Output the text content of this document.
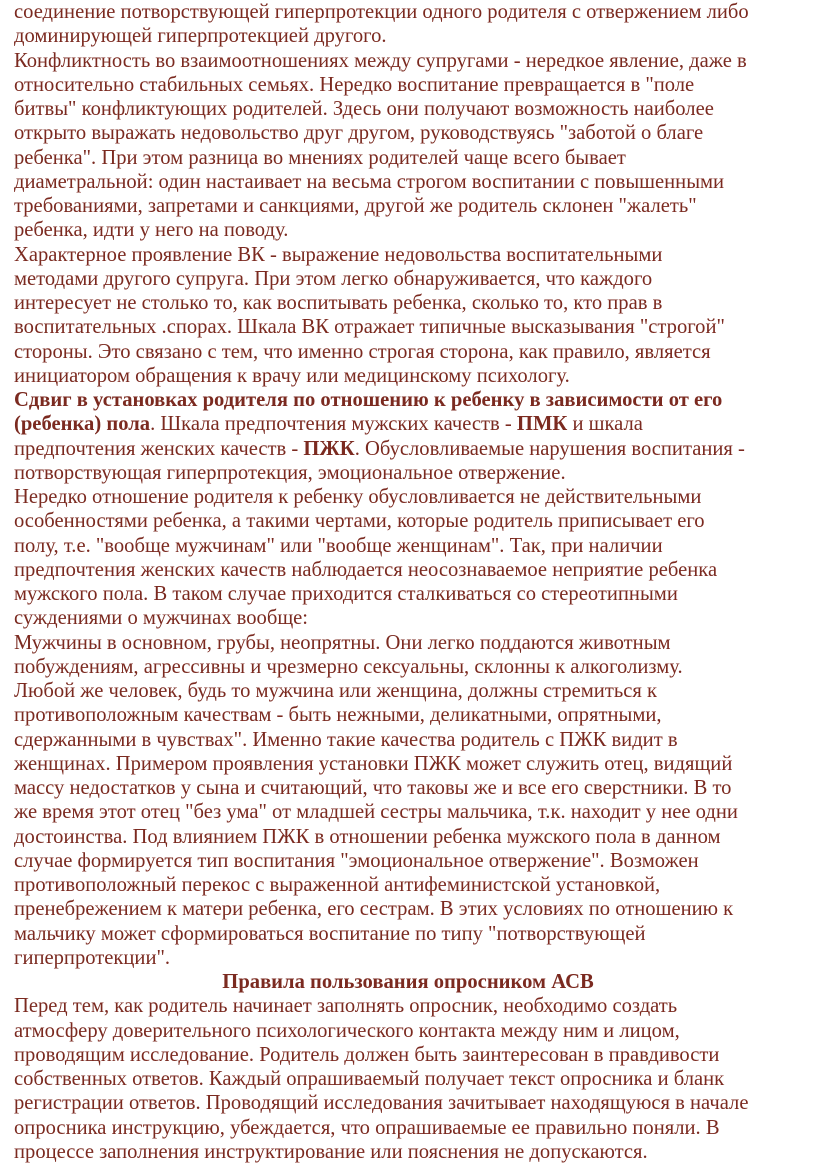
соединение потворствующей гиперпротекции одного родителя с отвержением либо
доминирующей гиперпротекцией другого.
Конфликтность во взаимоотношениях между супругами - нередкое явление, даже в
относительно стабильных семьях. Нередко воспитание превращается в "поле
битвы" конфликтующих родителей. Здесь они получают возможность наиболее
открыто выражать недовольство друг другом, руководствуясь "заботой о благе
ребенка". При этом разница во мнениях родителей чаще всего бывает
диаметральной: один настаивает на весьма строгом воспитании с повышенными
требованиями, запретами и санкциями, другой же родитель склонен "жалеть"
ребенка, идти у него на поводу.
Характерное проявление ВК - выражение недовольства воспитательными
методами другого супруга. При этом легко обнаруживается, что каждого
интересует не столько то, как воспитывать ребенка, сколько то, кто прав в
воспитательных .спорах. Шкала ВК отражает типичные высказывания "строгой"
стороны. Это связано с тем, что именно строгая сторона, как правило, является
инициатором обращения к врачу или медицинскому психологу.
Сдвиг в установках родителя по отношению к ребенку в зависимости от его
(ребенка) пола. Шкала предпочтения мужских качеств - ПМК и шкала
предпочтения женских качеств - ПЖК. Обусловливаемые нарушения воспитания -
потворствующая гиперпротекция, эмоциональное отвержение.
Нередко отношение родителя к ребенку обусловливается не действительными
особенностями ребенка, а такими чертами, которые родитель приписывает его
полу, т.е. "вообще мужчинам" или "вообще женщинам". Так, при наличии
предпочтения женских качеств наблюдается неосознаваемое неприятие ребенка
мужского пола. В таком случае приходится сталкиваться со стереотипными
суждениями о мужчинах вообще:
Мужчины в основном, грубы, неопрятны. Они легко поддаются животным
побуждениям, агрессивны и чрезмерно сексуальны, склонны к алкоголизму.
Любой же человек, будь то мужчина или женщина, должны стремиться к
противоположным качествам - быть нежными, деликатными, опрятными,
сдержанными в чувствах". Именно такие качества родитель с ПЖК видит в
женщинах. Примером проявления установки ПЖК может служить отец, видящий
массу недостатков у сына и считающий, что таковы же и все его сверстники. В то
же время этот отец "без ума" от младшей сестры мальчика, т.к. находит у нее одни
достоинства. Под влиянием ПЖК в отношении ребенка мужского пола в данном
случае формируется тип воспитания "эмоциональное отвержение". Возможен
противоположный перекос с выраженной антифеминистской установкой,
пренебрежением к матери ребенка, его сестрам. В этих условиях по отношению к
мальчику может сформироваться воспитание по типу "потворствующей
гиперпротекции".
Правила пользования опросником АСВ
Перед тем, как родитель начинает заполнять опросник, необходимо создать
атмосферу доверительного психологического контакта между ним и лицом,
проводящим исследование. Родитель должен быть заинтересован в правдивости
собственных ответов. Каждый опрашиваемый получает текст опросника и бланк
регистрации ответов. Проводящий исследования зачитывает находящуюся в начале
опросника инструкцию, убеждается, что опрашиваемые ее правильно поняли. В
процессе заполнения инструктирование или пояснения не допускаются.
